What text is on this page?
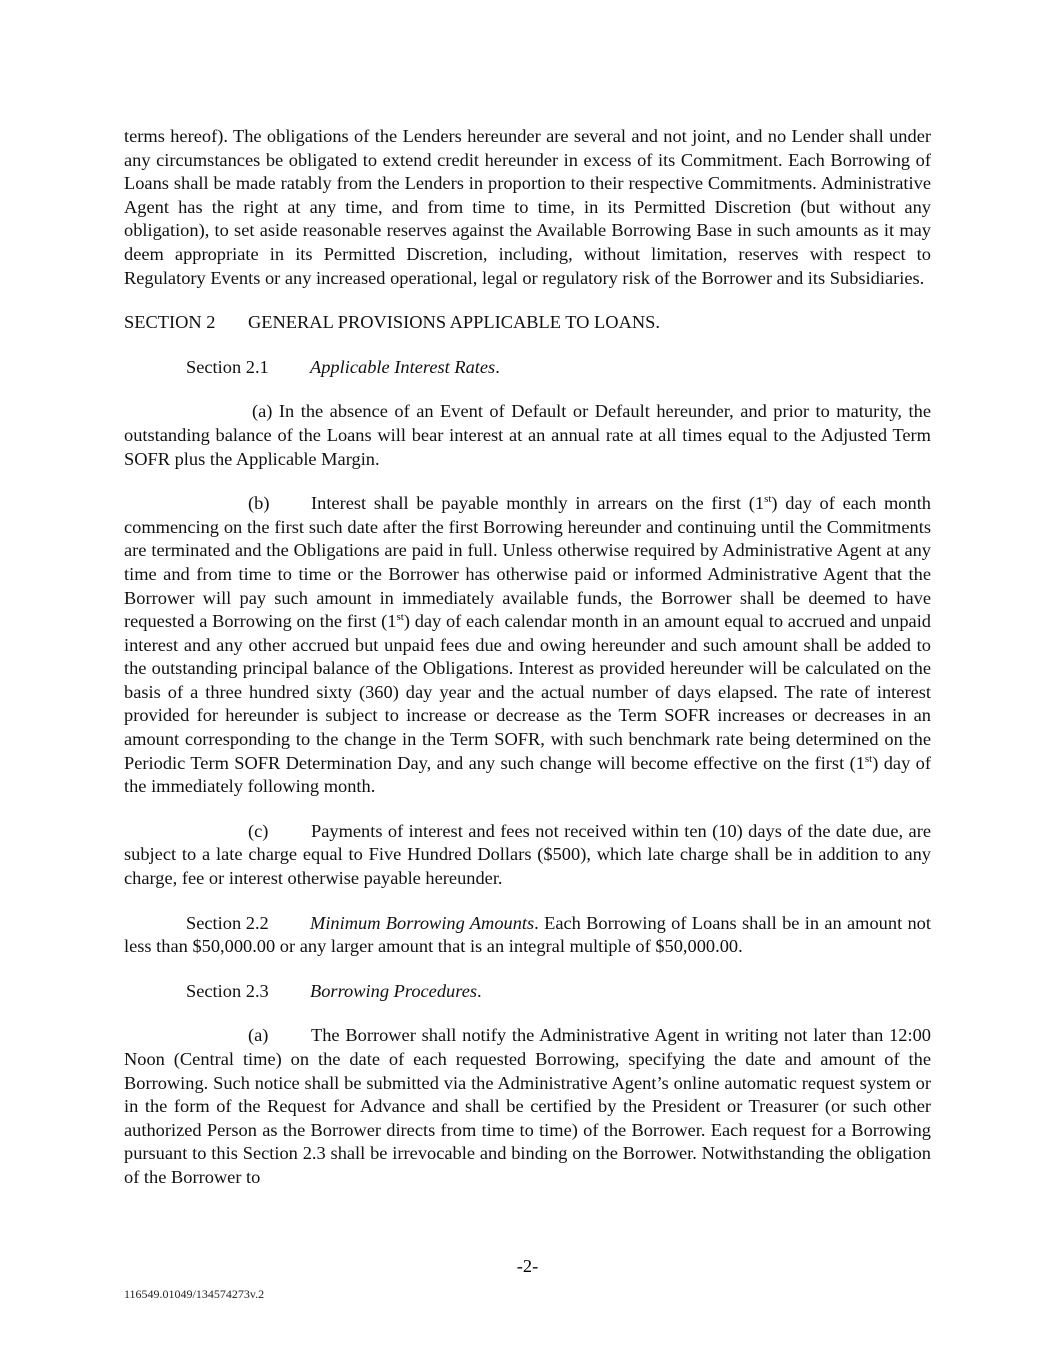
terms hereof). The obligations of the Lenders hereunder are several and not joint, and no Lender shall under any circumstances be obligated to extend credit hereunder in excess of its Commitment. Each Borrowing of Loans shall be made ratably from the Lenders in proportion to their respective Commitments. Administrative Agent has the right at any time, and from time to time, in its Permitted Discretion (but without any obligation), to set aside reasonable reserves against the Available Borrowing Base in such amounts as it may deem appropriate in its Permitted Discretion, including, without limitation, reserves with respect to Regulatory Events or any increased operational, legal or regulatory risk of the Borrower and its Subsidiaries.

SECTION 2	GENERAL PROVISIONS APPLICABLE TO LOANS.
Section 2.1	Applicable Interest Rates .

(a) In the absence of an Event of Default or Default hereunder, and prior to maturity, the outstanding balance of the Loans will bear interest at an annual rate at all times equal to the Adjusted Term SOFR plus the Applicable Margin.

(b) Interest shall be payable monthly in arrears on the first (1st) day of each month commencing on the first such date after the first Borrowing hereunder and continuing until the Commitments are terminated and the Obligations are paid in full. Unless otherwise required by Administrative Agent at any time and from time to time or the Borrower has otherwise paid or informed Administrative Agent that the Borrower will pay such amount in immediately available funds, the Borrower shall be deemed to have requested a Borrowing on the first (1st) day of each calendar month in an amount equal to accrued and unpaid interest and any other accrued but unpaid fees due and owing hereunder and such amount shall be added to the outstanding principal balance of the Obligations. Interest as provided hereunder will be calculated on the basis of a three hundred sixty (360) day year and the actual number of days elapsed. The rate of interest provided for hereunder is subject to increase or decrease as the Term SOFR increases or decreases in an amount corresponding to the change in the Term SOFR, with such benchmark rate being determined on the Periodic Term SOFR Determination Day, and any such change will become effective on the first (1st) day of the immediately following month.

(c) Payments of interest and fees not received within ten (10) days of the date due, are subject to a late charge equal to Five Hundred Dollars ($500), which late charge shall be in addition to any charge, fee or interest otherwise payable hereunder.

Section 2.2 Minimum Borrowing Amounts. Each Borrowing of Loans shall be in an amount not less than $50,000.00 or any larger amount that is an integral multiple of $50,000.00.

Section 2.3	Borrowing Procedures .

(a) The Borrower shall notify the Administrative Agent in writing not later than 12:00 Noon (Central time) on the date of each requested Borrowing, specifying the date and amount of the Borrowing. Such notice shall be submitted via the Administrative Agent’s online automatic request system or in the form of the Request for Advance and shall be certified by the President or Treasurer (or such other authorized Person as the Borrower directs from time to time) of the Borrower. Each request for a Borrowing pursuant to this Section 2.3 shall be irrevocable and binding on the Borrower. Notwithstanding the obligation of the Borrower to

-2-
116549.01049/134574273v.2
